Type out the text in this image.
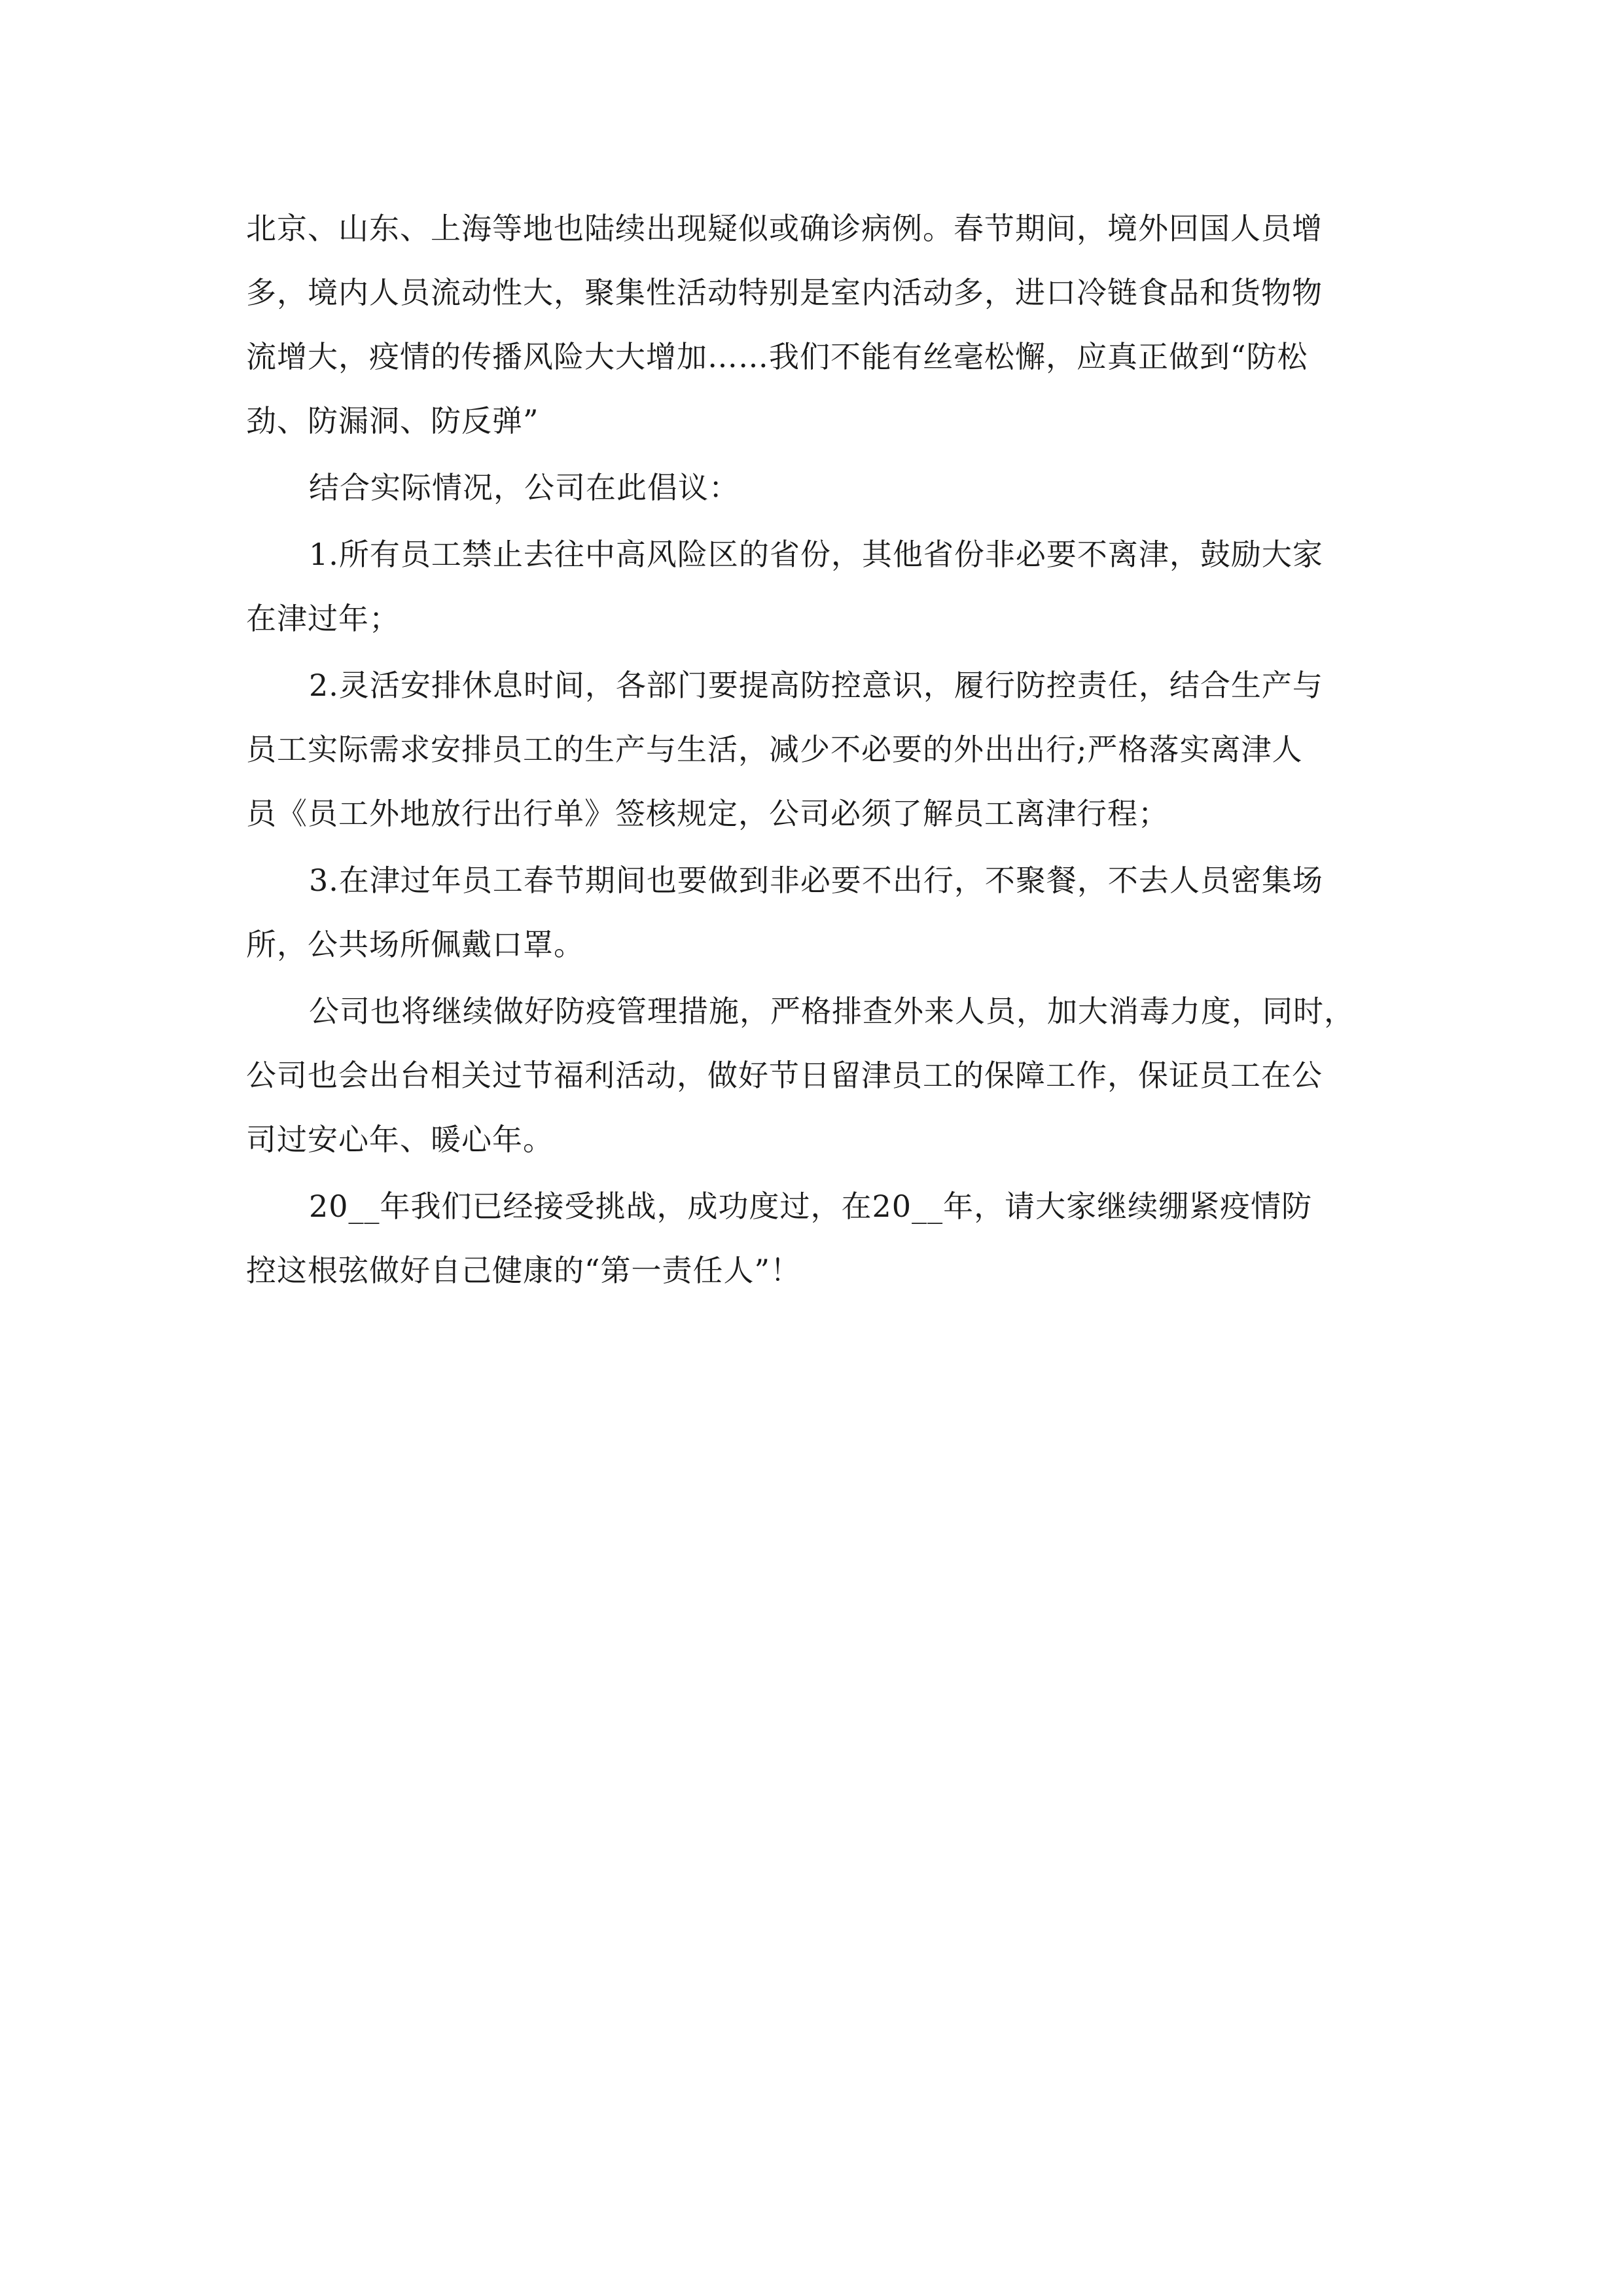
北京、山东、上海等地也陆续出现疑似或确诊病例。春节期间，境外回国人员增
多，境内人员流动性大，聚集性活动特别是室内活动多，进口冷链食品和货物物
流增大，疫情的传播风险大大增加……我们不能有丝毫松懈，应真正做到“防松
劲、防漏洞、防反弹”

结合实际情况，公司在此倡议：

1.所有员工禁止去往中高风险区的省份，其他省份非必要不离津，鼓励大家
在津过年；

2.灵活安排休息时间，各部门要提高防控意识，履行防控责任，结合生产与
员工实际需求安排员工的生产与生活，减少不必要的外出出行;严格落实离津人
员《员工外地放行出行单》签核规定，公司必须了解员工离津行程；

3.在津过年员工春节期间也要做到非必要不出行，不聚餐，不去人员密集场
所，公共场所佩戴口罩。

公司也将继续做好防疫管理措施，严格排查外来人员，加大消毒力度，同时，
公司也会出台相关过节福利活动，做好节日留津员工的保障工作，保证员工在公
司过安心年、暖心年。

20__年我们已经接受挑战，成功度过，在20__年，请大家继续绷紧疫情防
控这根弦做好自己健康的“第一责任人”！
